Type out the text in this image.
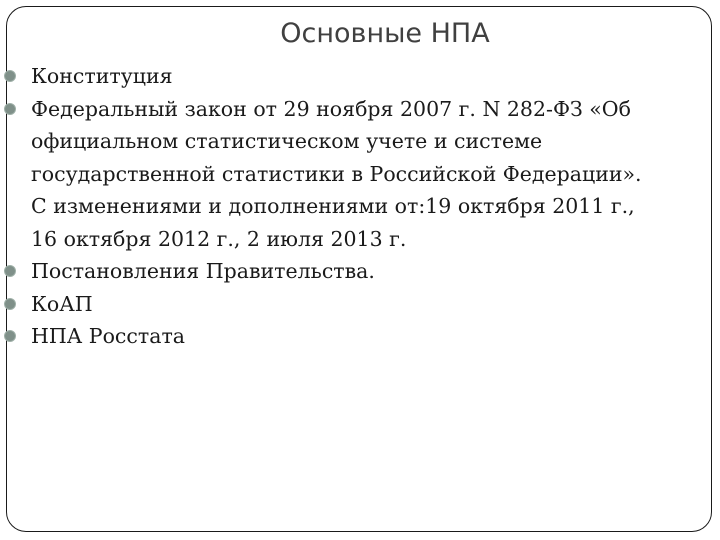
Основные НПА
Конституция
Федеральный закон от 29 ноября 2007 г. N 282-ФЗ «Об
официальном статистическом учете и системе
государственной статистики в Российской Федерации».
С изменениями и дополнениями от:19 октября 2011 г.,
16 октября 2012 г., 2 июля 2013 г.
Постановления Правительства.
КоАП
НПА Росстата
